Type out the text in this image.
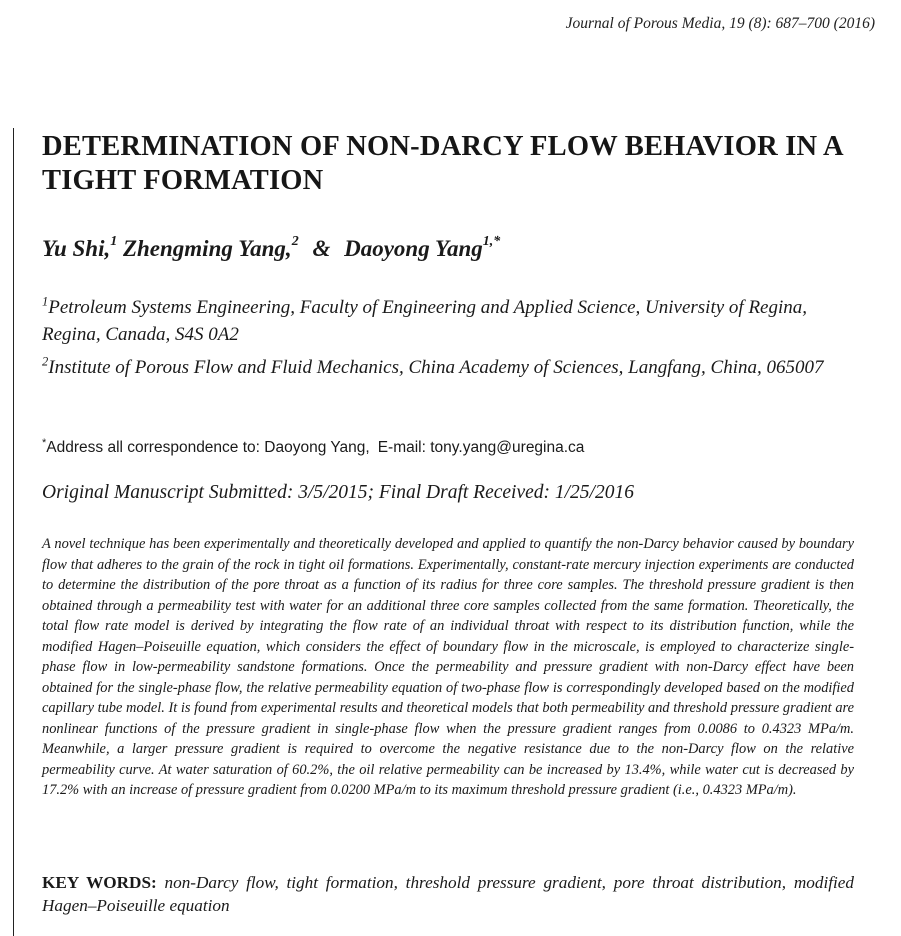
Journal of Porous Media, 19 (8): 687–700 (2016)
DETERMINATION OF NON-DARCY FLOW BEHAVIOR IN A TIGHT FORMATION
Yu Shi,$^1$ Zhengming Yang,$^2$ & Daoyong Yang$^{1,*}$
$^1$Petroleum Systems Engineering, Faculty of Engineering and Applied Science, University of Regina, Regina, Canada, S4S 0A2
$^2$Institute of Porous Flow and Fluid Mechanics, China Academy of Sciences, Langfang, China, 065007
*Address all correspondence to: Daoyong Yang, E-mail: tony.yang@uregina.ca
Original Manuscript Submitted: 3/5/2015; Final Draft Received: 1/25/2016

A novel technique has been experimentally and theoretically developed and applied to quantify the non-Darcy behavior caused by boundary flow that adheres to the grain of the rock in tight oil formations. Experimentally, constant-rate mercury injection experiments are conducted to determine the distribution of the pore throat as a function of its radius for three core samples. The threshold pressure gradient is then obtained through a permeability test with water for an additional three core samples collected from the same formation. Theoretically, the total flow rate model is derived by integrating the flow rate of an individual throat with respect to its distribution function, while the modified Hagen–Poiseuille equation, which considers the effect of boundary flow in the microscale, is employed to characterize single-phase flow in low-permeability sandstone formations. Once the permeability and pressure gradient with non-Darcy effect have been obtained for the single-phase flow, the relative permeability equation of two-phase flow is correspondingly developed based on the modified capillary tube model. It is found from experimental results and theoretical models that both permeability and threshold pressure gradient are nonlinear functions of the pressure gradient in single-phase flow when the pressure gradient ranges from 0.0086 to 0.4323 MPa/m. Meanwhile, a larger pressure gradient is required to overcome the negative resistance due to the non-Darcy flow on the relative permeability curve. At water saturation of 60.2%, the oil relative permeability can be increased by 13.4%, while water cut is decreased by 17.2% with an increase of pressure gradient from 0.0200 MPa/m to its maximum threshold pressure gradient (i.e., 0.4323 MPa/m).

KEY WORDS: non-Darcy flow, tight formation, threshold pressure gradient, pore throat distribution, modified Hagen–Poiseuille equation
